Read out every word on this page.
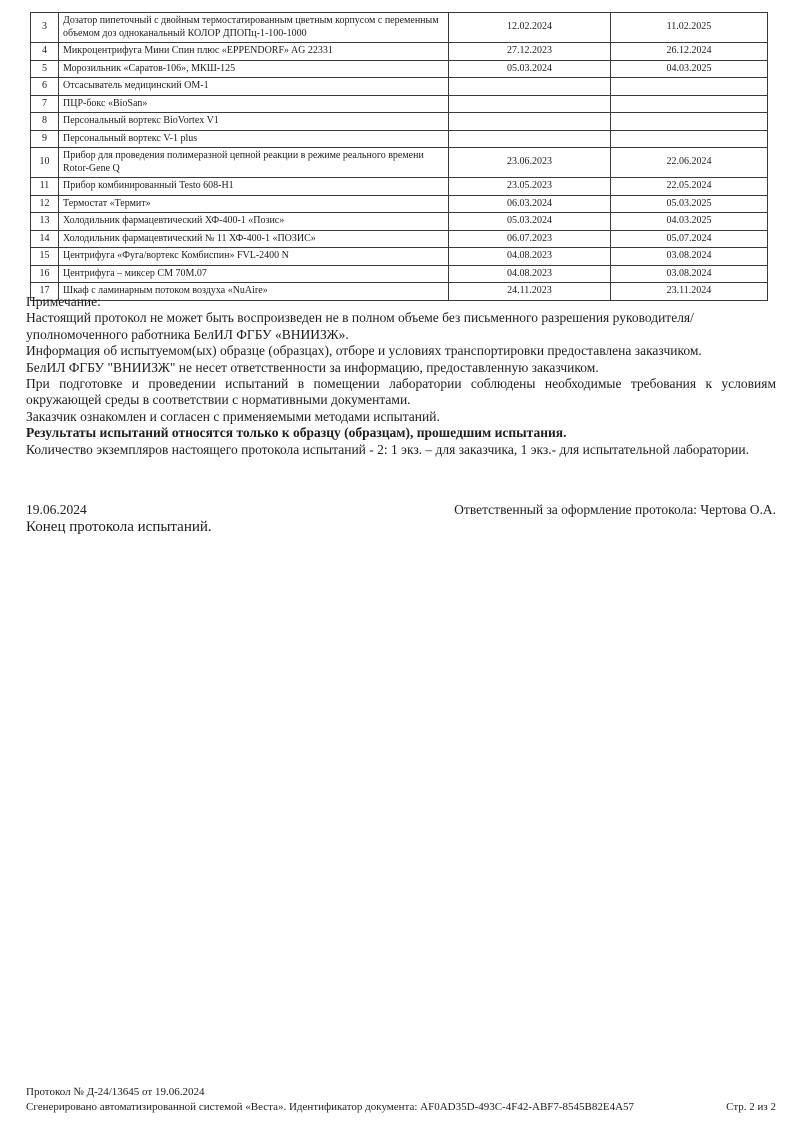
3	Дозатор пипеточный с двойным термостатированным цветным корпусом с переменным объемом доз одноканальный КОЛОР ДПОПц-1-100-1000	12.02.2024	11.02.2025
4	Микроцентрифуга Мини Спин плюс «EPPENDORF» AG 22331	27.12.2023	26.12.2024
5	Морозильник «Саратов-106», МКШ-125	05.03.2024	04.03.2025
6	Отсасыватель медицинский ОМ-1		
7	ПЦР-бокс «BioSan»		
8	Персональный вортекс BioVortex V1		
9	Персональный вортекс V-1 plus		
10	Прибор для проведения полимеразной цепной реакции в режиме реального времени Rotor-Gene Q	23.06.2023	22.06.2024
11	Прибор комбинированный Testo 608-H1	23.05.2023	22.05.2024
12	Термостат «Термит»	06.03.2024	05.03.2025
13	Холодильник фармацевтический ХФ-400-1 «Позис»	05.03.2024	04.03.2025
14	Холодильник фармацевтический № 11 ХФ-400-1 «ПОЗИС»	06.07.2023	05.07.2024
15	Центрифуга «Фуга/вортекс Комбиспин» FVL-2400 N	04.08.2023	03.08.2024
16	Центрифуга – миксер СМ 70М.07	04.08.2023	03.08.2024
17	Шкаф с ламинарным потоком воздуха «NuAire»	24.11.2023	23.11.2024
Примечание:
Настоящий протокол не может быть воспроизведен не в полном объеме без письменного разрешения руководителя/уполномоченного работника БелИЛ ФГБУ «ВНИИЗЖ».
Информация об испытуемом(ых) образце (образцах), отборе и условиях транспортировки предоставлена заказчиком.
БелИЛ ФГБУ "ВНИИЗЖ" не несет ответственности за информацию, предоставленную заказчиком.
При подготовке и проведении испытаний в помещении лаборатории соблюдены необходимые требования к условиям окружающей среды в соответствии с нормативными документами.
Заказчик ознакомлен и согласен с применяемыми методами испытаний.
Результаты испытаний относятся только к образцу (образцам), прошедшим испытания.
Количество экземпляров настоящего протокола испытаний - 2: 1 экз. – для заказчика, 1 экз.- для испытательной лаборатории.
19.06.2024	Ответственный за оформление протокола: Чертова О.А.
Конец протокола испытаний.
Протокол № Д-24/13645 от 19.06.2024
Сгенерировано автоматизированной системой «Веста». Идентификатор документа: AF0AD35D-493C-4F42-ABF7-8545B82E4A57	Стр. 2 из 2
